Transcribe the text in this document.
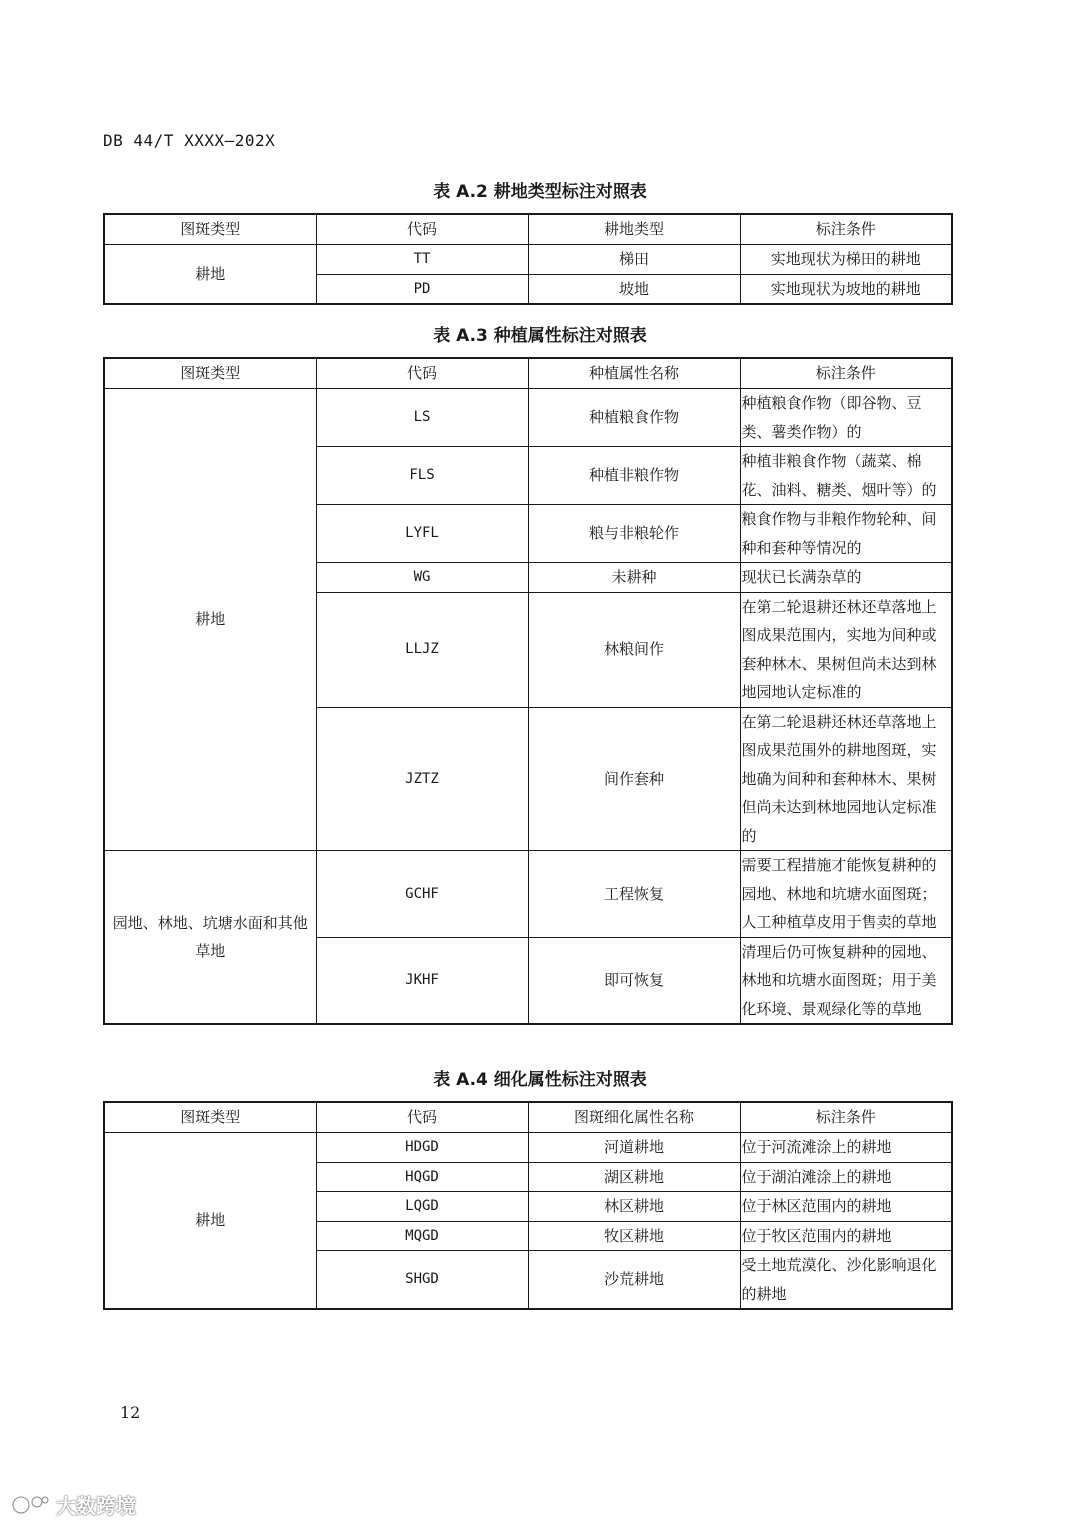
DB 44/T XXXX—202X
表 A.2 耕地类型标注对照表
图斑类型	代码	耕地类型	标注条件
耕地	TT	梯田	实地现状为梯田的耕地
	PD	坡地	实地现状为坡地的耕地
表 A.3 种植属性标注对照表
图斑类型	代码	种植属性名称	标注条件
耕地	LS	种植粮食作物	种植粮食作物（即谷物、豆类、薯类作物）的
	FLS	种植非粮作物	种植非粮食作物（蔬菜、棉花、油料、糖类、烟叶等）的
	LYFL	粮与非粮轮作	粮食作物与非粮作物轮种、间种和套种等情况的
	WG	未耕种	现状已长满杂草的
	LLJZ	林粮间作	在第二轮退耕还林还草落地上图成果范围内，实地为间种或套种林木、果树但尚未达到林地园地认定标准的
	JZTZ	间作套种	在第二轮退耕还林还草落地上图成果范围外的耕地图斑，实地确为间种和套种林木、果树但尚未达到林地园地认定标准的
园地、林地、坑塘水面和其他草地	GCHF	工程恢复	需要工程措施才能恢复耕种的园地、林地和坑塘水面图斑；人工种植草皮用于售卖的草地
	JKHF	即可恢复	清理后仍可恢复耕种的园地、林地和坑塘水面图斑；用于美化环境、景观绿化等的草地
表 A.4 细化属性标注对照表
图斑类型	代码	图斑细化属性名称	标注条件
耕地	HDGD	河道耕地	位于河流滩涂上的耕地
	HQGD	湖区耕地	位于湖泊滩涂上的耕地
	LQGD	林区耕地	位于林区范围内的耕地
	MQGD	牧区耕地	位于牧区范围内的耕地
	SHGD	沙荒耕地	受土地荒漠化、沙化影响退化的耕地
12
大数跨境
